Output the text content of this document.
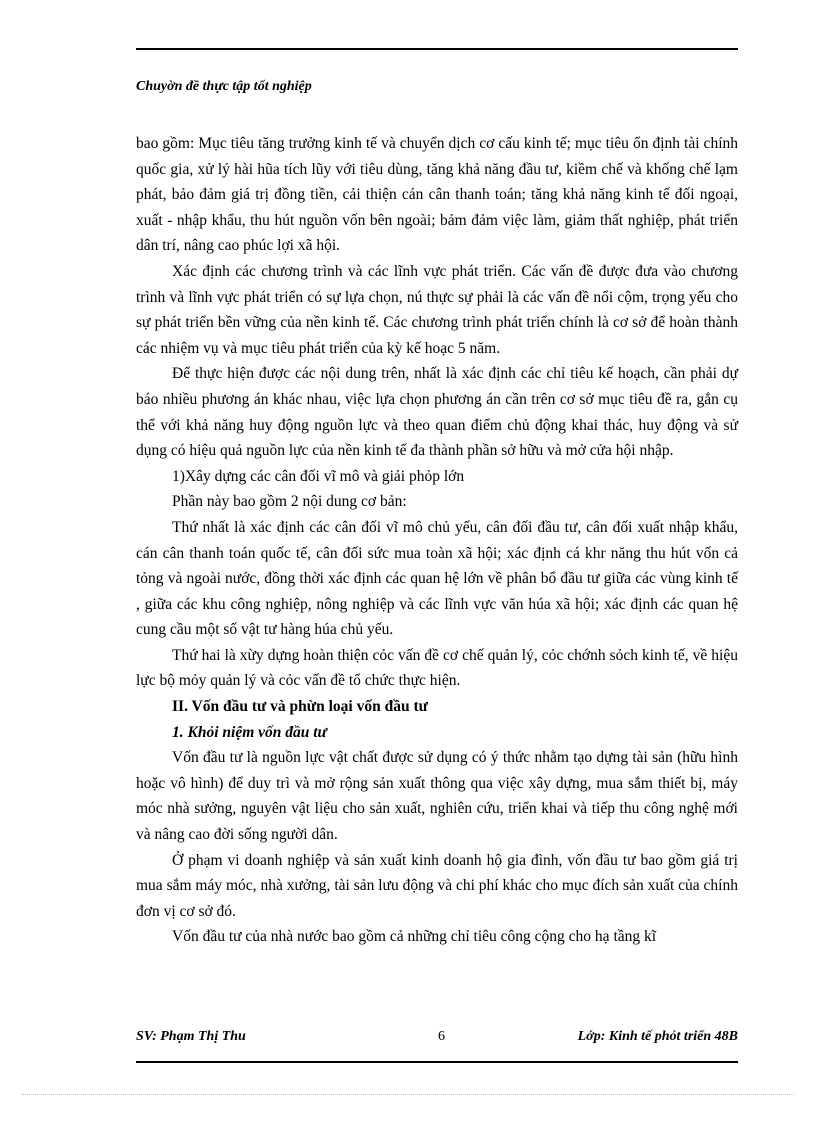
Chuyờn đề thực tập tốt nghiệp

bao gồm: Mục tiêu tăng trưởng kinh tế và chuyển dịch cơ cấu kinh tế; mục tiêu ổn định tài chính quốc gia, xử lý hài hũa tích lũy với tiêu dùng, tăng khả năng đầu tư, kiềm chế và khống chế lạm phát, bảo đảm giá trị đồng tiền, cải thiện cán cân thanh toán; tăng khả năng kinh tế đối ngoại, xuất - nhập khẩu, thu hút nguồn vốn bên ngoài; bảm đảm việc làm, giảm thất nghiệp, phát triển dân trí, nâng cao phúc lợi xã hội.

Xác định các chương trình và các lĩnh vực phát triển. Các vấn đề được đưa vào chương trình và lĩnh vực phát triển có sự lựa chọn, nú thực sự phải là các vấn đề nổi cộm, trọng yếu cho sự phát triển bền vững của nền kinh tế. Các chương trình phát triển chính là cơ sở để hoàn thành các nhiệm vụ và mục tiêu phát triển của kỳ kế hoạc 5 năm.

Để thực hiện được các nội dung trên, nhất là xác định các chỉ tiêu kế hoạch, cần phải dự báo nhiều phương án khác nhau, việc lựa chọn phương án cần trên cơ sở mục tiêu đề ra, gắn cụ thể với khả năng huy động nguồn lực và theo quan điểm chủ động khai thác, huy động và sử dụng có hiệu quả nguồn lực của nền kinh tế đa thành phần sở hữu và mở cửa hội nhập.

1)Xây dựng các cân đối vĩ mô và giải phỏp lớn

Phần này bao gồm 2 nội dung cơ bản:

Thứ nhất là xác định các cân đối vĩ mô chủ yếu, cân đối đầu tư, cân đối xuất nhập khẩu, cán cân thanh toán quốc tế, cân đối sức mua toàn xã hội; xác định cá khr năng thu hút vốn cả tỏng và ngoài nước, đồng thời xác định các quan hệ lớn về phân bổ đầu tư giữa các vùng kinh tế , giữa các khu công nghiệp, nông nghiệp và các lĩnh vực văn húa xã hội; xác định các quan hệ cung cầu một số vật tư hàng húa chủ yếu.

Thứ hai là xừy dựng hoàn thiện cỏc vấn đề cơ chế quản lý, cỏc chớnh sỏch kinh tế, về hiệu lực bộ mỏy quản lý và cỏc vấn đề tổ chức thực hiện.

II. Vốn đầu tư và phừn loại vốn đầu tư

1. Khỏi niệm vốn đầu tư

Vốn đầu tư là nguồn lực vật chất được sử dụng có ý thức nhằm tạo dựng tài sản (hữu hình hoặc vô hình) để duy trì và mở rộng sản xuất thông qua việc xây dựng, mua sắm thiết bị, máy móc nhà sưởng, nguyên vật liệu cho sản xuất, nghiên cứu, triển khai và tiếp thu công nghệ mới và nâng cao đời sống người dân.

Ở phạm vi doanh nghiệp và sản xuất kinh doanh hộ gia đình, vốn đầu tư bao gồm giá trị mua sắm máy móc, nhà xưởng, tài sản lưu động và chi phí khác cho mục đích sản xuất của chính đơn vị cơ sở đó.

Vốn đầu tư của nhà nước bao gồm cả những chỉ tiêu công cộng cho hạ tầng kĩ

SV: Phạm Thị Thu	6	Lớp: Kinh tế phỏt triển 48B
